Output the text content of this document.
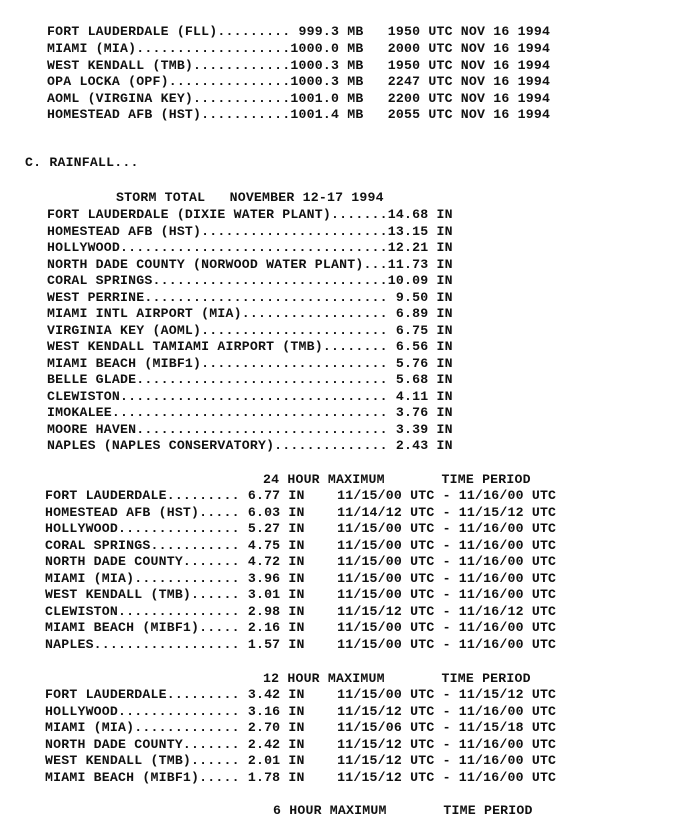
FORT LAUDERDALE (FLL)......... 999.3 MB   1950 UTC NOV 16 1994
MIAMI (MIA)...................1000.0 MB   2000 UTC NOV 16 1994
WEST KENDALL (TMB)............1000.3 MB   1950 UTC NOV 16 1994
OPA LOCKA (OPF)...............1000.3 MB   2247 UTC NOV 16 1994
AOML (VIRGINA KEY)............1001.0 MB   2200 UTC NOV 16 1994
HOMESTEAD AFB (HST)...........1001.4 MB   2055 UTC NOV 16 1994
C. RAINFALL...
STORM TOTAL   NOVEMBER 12-17 1994
FORT LAUDERDALE (DIXIE WATER PLANT).......14.68 IN
HOMESTEAD AFB (HST).......................13.15 IN
HOLLYWOOD.................................12.21 IN
NORTH DADE COUNTY (NORWOOD WATER PLANT)...11.73 IN
CORAL SPRINGS.............................10.09 IN
WEST PERRINE.............................. 9.50 IN
MIAMI INTL AIRPORT (MIA).................. 6.89 IN
VIRGINIA KEY (AOML)....................... 6.75 IN
WEST KENDALL TAMIAMI AIRPORT (TMB)........ 6.56 IN
MIAMI BEACH (MIBF1)....................... 5.76 IN
BELLE GLADE............................... 5.68 IN
CLEWISTON................................. 4.11 IN
IMOKALEE.................................. 3.76 IN
MOORE HAVEN............................... 3.39 IN
NAPLES (NAPLES CONSERVATORY).............. 2.43 IN
24 HOUR MAXIMUM       TIME PERIOD
FORT LAUDERDALE......... 6.77 IN    11/15/00 UTC - 11/16/00 UTC
HOMESTEAD AFB (HST)..... 6.03 IN    11/14/12 UTC - 11/15/12 UTC
HOLLYWOOD............... 5.27 IN    11/15/00 UTC - 11/16/00 UTC
CORAL SPRINGS........... 4.75 IN    11/15/00 UTC - 11/16/00 UTC
NORTH DADE COUNTY....... 4.72 IN    11/15/00 UTC - 11/16/00 UTC
MIAMI (MIA)............. 3.96 IN    11/15/00 UTC - 11/16/00 UTC
WEST KENDALL (TMB)...... 3.01 IN    11/15/00 UTC - 11/16/00 UTC
CLEWISTON............... 2.98 IN    11/15/12 UTC - 11/16/12 UTC
MIAMI BEACH (MIBF1)..... 2.16 IN    11/15/00 UTC - 11/16/00 UTC
NAPLES.................. 1.57 IN    11/15/00 UTC - 11/16/00 UTC
12 HOUR MAXIMUM       TIME PERIOD
FORT LAUDERDALE......... 3.42 IN    11/15/00 UTC - 11/15/12 UTC
HOLLYWOOD............... 3.16 IN    11/15/12 UTC - 11/16/00 UTC
MIAMI (MIA)............. 2.70 IN    11/15/06 UTC - 11/15/18 UTC
NORTH DADE COUNTY....... 2.42 IN    11/15/12 UTC - 11/16/00 UTC
WEST KENDALL (TMB)...... 2.01 IN    11/15/12 UTC - 11/16/00 UTC
MIAMI BEACH (MIBF1)..... 1.78 IN    11/15/12 UTC - 11/16/00 UTC
6 HOUR MAXIMUM       TIME PERIOD
